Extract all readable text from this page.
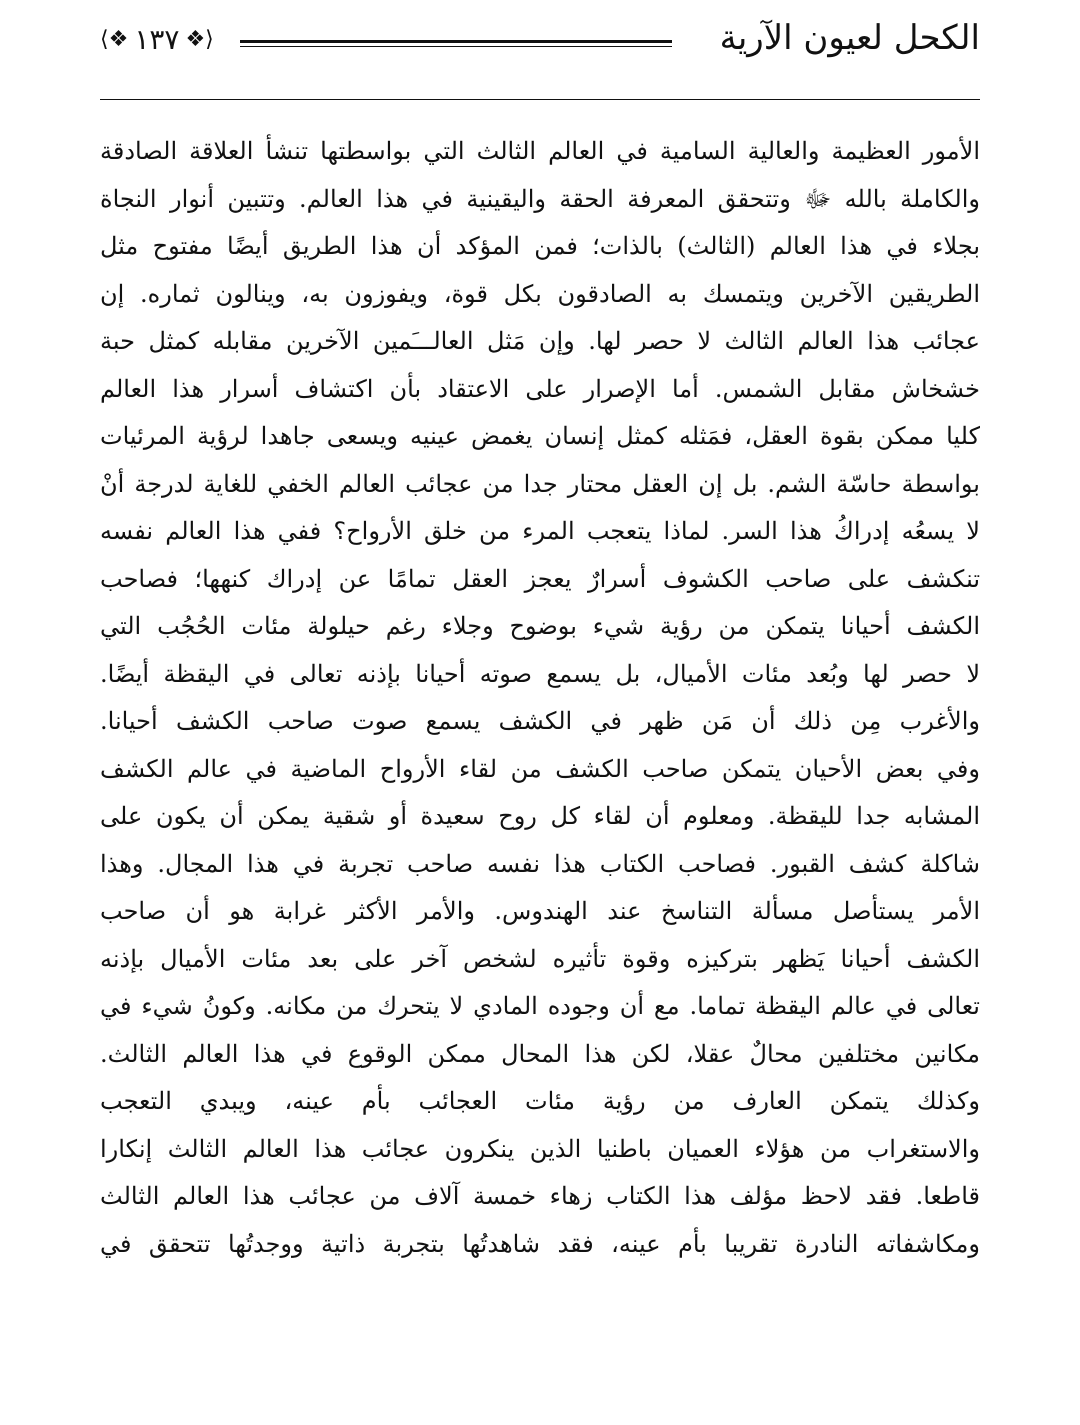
الكحل لعيون الآرية
⟨❖ ١٣٧ ❖⟩
الأمور العظيمة والعالية السامية في العالم الثالث التي بواسطتها تنشأ العلاقة الصادقة
والكاملة بالله ﷻ وتتحقق المعرفة الحقة واليقينية في هذا العالم. وتتبين أنوار النجاة
بجلاء في هذا العالم (الثالث) بالذات؛ فمن المؤكد أن هذا الطريق أيضًا مفتوح مثل
الطريقين الآخرين ويتمسك به الصادقون بكل قوة، ويفوزون به، وينالون ثماره. إن
عجائب هذا العالم الثالث لا حصر لها. وإن مَثل العالـــَمين الآخرين مقابله كمثل حبة
خشخاش مقابل الشمس. أما الإصرار على الاعتقاد بأن اكتشاف أسرار هذا العالم
كليا ممكن بقوة العقل، فمَثله كمثل إنسان يغمض عينيه ويسعى جاهدا لرؤية المرئيات
بواسطة حاسّة الشم. بل إن العقل محتار جدا من عجائب العالم الخفي للغاية لدرجة أنْ
لا يسعُه إدراكُ هذا السر. لماذا يتعجب المرء من خلق الأرواح؟ ففي هذا العالم نفسه
تنكشف على صاحب الكشوف أسرارٌ يعجز العقل تمامًا عن إدراك كنهها؛ فصاحب
الكشف أحيانا يتمكن من رؤية شيء بوضوح وجلاء رغم حيلولة مئات الحُجُب التي
لا حصر لها وبُعد مئات الأميال، بل يسمع صوته أحيانا بإذنه تعالى في اليقظة أيضًا.
والأغرب مِن ذلك أن مَن ظهر في الكشف يسمع صوت صاحب الكشف أحيانا.
وفي بعض الأحيان يتمكن صاحب الكشف من لقاء الأرواح الماضية في عالم الكشف
المشابه جدا لليقظة. ومعلوم أن لقاء كل روح سعيدة أو شقية يمكن أن يكون على
شاكلة كشف القبور. فصاحب الكتاب هذا نفسه صاحب تجربة في هذا المجال. وهذا
الأمر يستأصل مسألة التناسخ عند الهندوس. والأمر الأكثر غرابة هو أن صاحب
الكشف أحيانا يَظهر بتركيزه وقوة تأثيره لشخص آخر على بعد مئات الأميال بإذنه
تعالى في عالم اليقظة تماما. مع أن وجوده المادي لا يتحرك من مكانه. وكونُ شيء في
مكانين مختلفين محالٌ عقلا، لكن هذا المحال ممكن الوقوع في هذا العالم الثالث.
وكذلك يتمكن العارف من رؤية مئات العجائب بأم عينه، ويبدي التعجب
والاستغراب من هؤلاء العميان باطنيا الذين ينكرون عجائب هذا العالم الثالث إنكارا
قاطعا. فقد لاحظ مؤلف هذا الكتاب زهاء خمسة آلاف من عجائب هذا العالم الثالث
ومكاشفاته النادرة تقريبا بأم عينه، فقد شاهدتُها بتجربة ذاتية ووجدتُها تتحقق في
